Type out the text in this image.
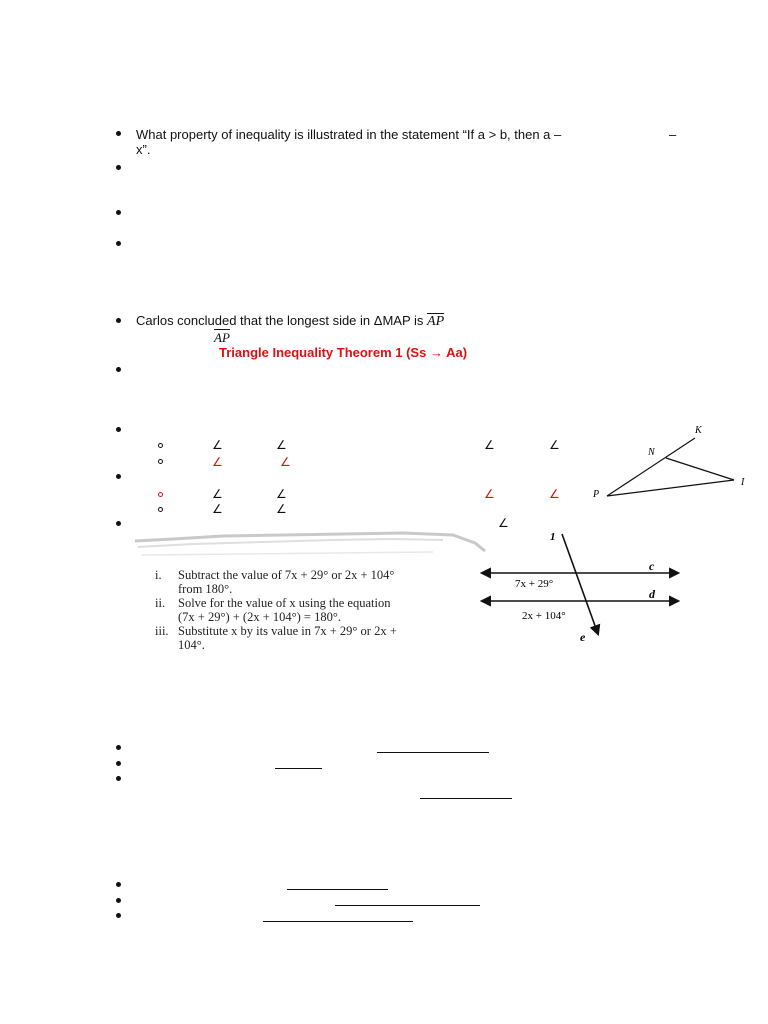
What property of inequality is illustrated in the statement “If a > b, then a –	–
x”.
Carlos concluded that the longest side in ΔMAP is $\overline{AP}$
$\overline{AP}$
Triangle Inequality Theorem 1 (Ss → Aa)
∠	∠	∠	∠
∠	∠
∠	∠	∠	∠
∠	∠
∠
K
N
I
P
i. Subtract the value of 7x + 29° or 2x + 104°
from 180°.
ii. Solve for the value of x using the equation
(7x + 29°) + (2x + 104°) = 180°.
iii. Substitute x by its value in 7x + 29° or 2x +
104°.
1
c
d
e
7x + 29°
2x + 104°
